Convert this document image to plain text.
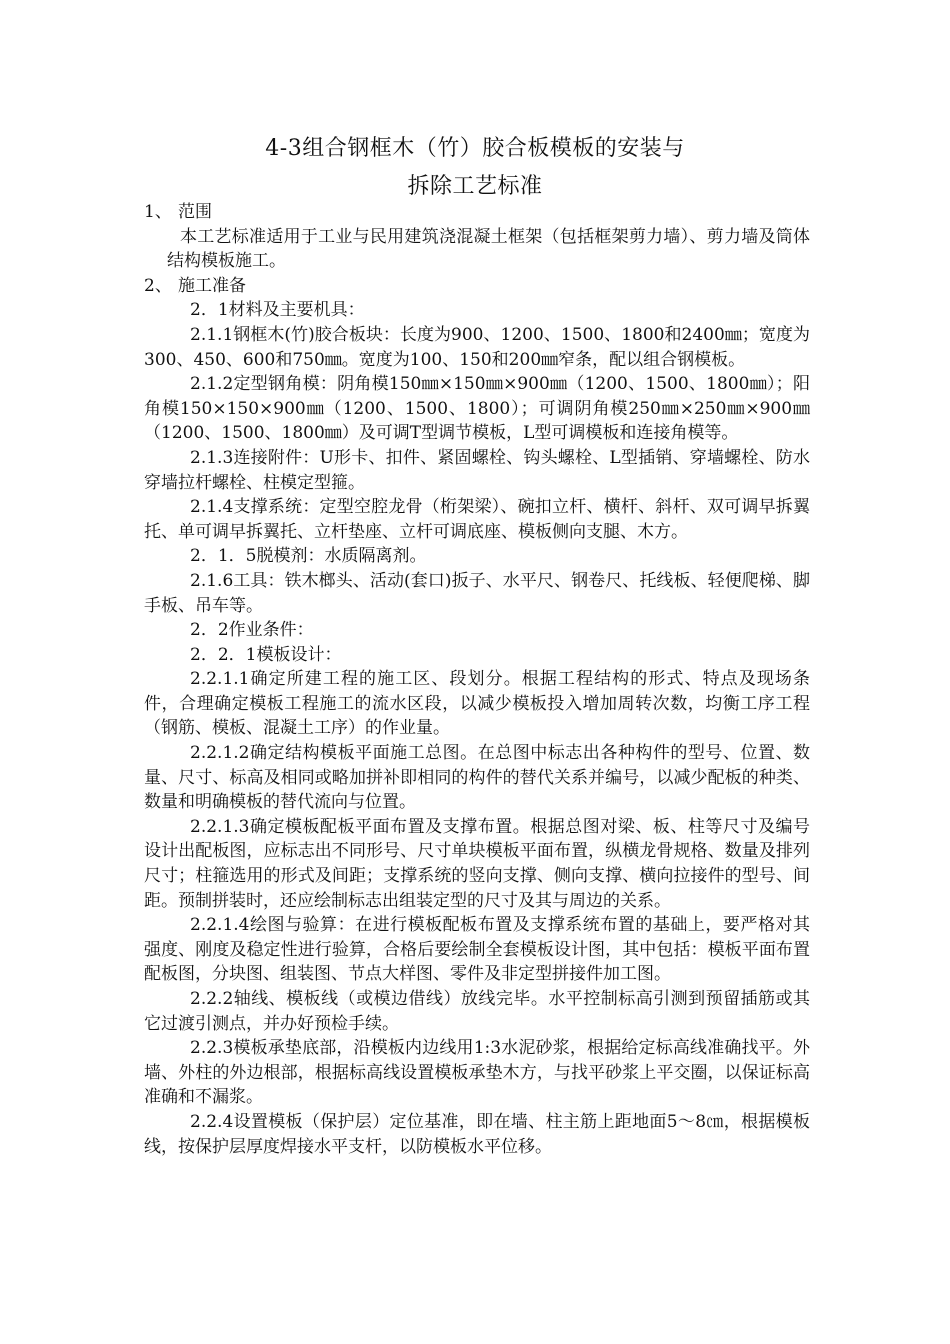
4-3组合钢框木（竹）胶合板模板的安装与
拆除工艺标准

1、 范围

本工艺标准适用于工业与民用建筑浇混凝土框架（包括框架剪力墙）、剪力墙及筒体结构模板施工。

2、 施工准备

2．1材料及主要机具：

2.1.1钢框木(竹)胶合板块：长度为900、1200、1500、1800和2400㎜；宽度为300、450、600和750㎜。宽度为100、150和200㎜窄条，配以组合钢模板。

2.1.2定型钢角模：阴角模150㎜×150㎜×900㎜（1200、1500、1800㎜）；阳角模150×150×900㎜（1200、1500、1800）；可调阴角模250㎜×250㎜×900㎜（1200、1500、1800㎜）及可调T型调节模板，L型可调模板和连接角模等。

2.1.3连接附件：U形卡、扣件、紧固螺栓、钩头螺栓、L型插销、穿墙螺栓、防水穿墙拉杆螺栓、柱模定型箍。

2.1.4支撑系统：定型空腔龙骨（桁架梁）、碗扣立杆、横杆、斜杆、双可调早拆翼托、单可调早拆翼托、立杆垫座、立杆可调底座、模板侧向支腿、木方。

2．1．5脱模剂：水质隔离剂。

2.1.6工具：铁木榔头、活动(套口)扳子、水平尺、钢卷尺、托线板、轻便爬梯、脚手板、吊车等。

2．2作业条件：

2．2．1模板设计：

2.2.1.1确定所建工程的施工区、段划分。根据工程结构的形式、特点及现场条件，合理确定模板工程施工的流水区段，以减少模板投入增加周转次数，均衡工序工程（钢筋、模板、混凝土工序）的作业量。

2.2.1.2确定结构模板平面施工总图。在总图中标志出各种构件的型号、位置、数量、尺寸、标高及相同或略加拼补即相同的构件的替代关系并编号，以减少配板的种类、数量和明确模板的替代流向与位置。

2.2.1.3确定模板配板平面布置及支撑布置。根据总图对梁、板、柱等尺寸及编号设计出配板图，应标志出不同形号、尺寸单块模板平面布置，纵横龙骨规格、数量及排列尺寸；柱箍选用的形式及间距；支撑系统的竖向支撑、侧向支撑、横向拉接件的型号、间距。预制拼装时，还应绘制标志出组装定型的尺寸及其与周边的关系。

2.2.1.4绘图与验算：在进行模板配板布置及支撑系统布置的基础上，要严格对其强度、刚度及稳定性进行验算，合格后要绘制全套模板设计图，其中包括：模板平面布置配板图，分块图、组装图、节点大样图、零件及非定型拼接件加工图。

2.2.2轴线、模板线（或模边借线）放线完毕。水平控制标高引测到预留插筋或其它过渡引测点，并办好预检手续。

2.2.3模板承垫底部，沿模板内边线用1:3水泥砂浆，根据给定标高线准确找平。外墙、外柱的外边根部，根据标高线设置模板承垫木方，与找平砂浆上平交圈，以保证标高准确和不漏浆。

2.2.4设置模板（保护层）定位基准，即在墙、柱主筋上距地面5～8㎝，根据模板线，按保护层厚度焊接水平支杆，以防模板水平位移。
